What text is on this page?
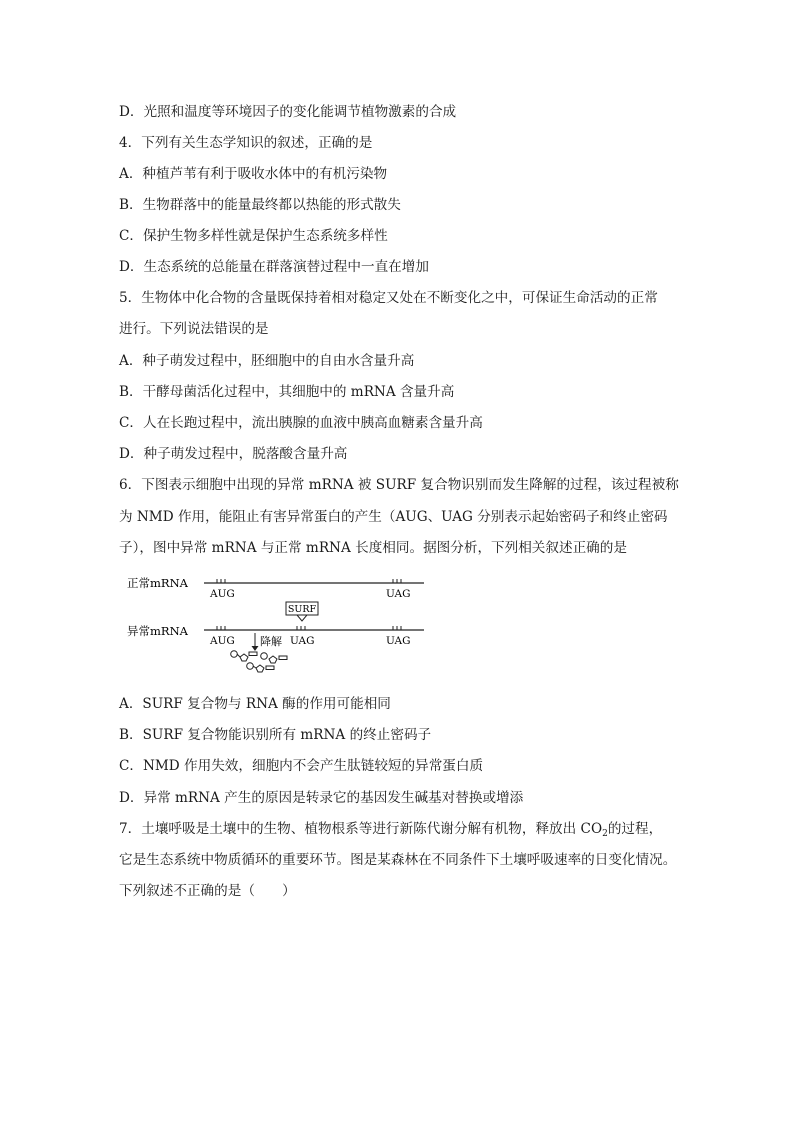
D．光照和温度等环境因子的变化能调节植物激素的合成
4．下列有关生态学知识的叙述，正确的是
A．种植芦苇有利于吸收水体中的有机污染物
B．生物群落中的能量最终都以热能的形式散失
C．保护生物多样性就是保护生态系统多样性
D．生态系统的总能量在群落演替过程中一直在增加
5．生物体中化合物的含量既保持着相对稳定又处在不断变化之中，可保证生命活动的正常
进行。下列说法错误的是
A．种子萌发过程中，胚细胞中的自由水含量升高
B．干酵母菌活化过程中，其细胞中的 mRNA 含量升高
C．人在长跑过程中，流出胰腺的血液中胰高血糖素含量升高
D．种子萌发过程中，脱落酸含量升高
6．下图表示细胞中出现的异常 mRNA 被 SURF 复合物识别而发生降解的过程，该过程被称
为 NMD 作用，能阻止有害异常蛋白的产生（AUG、UAG 分别表示起始密码子和终止密码
子），图中异常 mRNA 与正常 mRNA 长度相同。据图分析，下列相关叙述正确的是
正常mRNA
AUG	UAG
SURF
异常mRNA
AUG	UAG	UAG
降解
A．SURF 复合物与 RNA 酶的作用可能相同
B．SURF 复合物能识别所有 mRNA 的终止密码子
C．NMD 作用失效，细胞内不会产生肽链较短的异常蛋白质
D．异常 mRNA 产生的原因是转录它的基因发生碱基对替换或增添
7．土壤呼吸是土壤中的生物、植物根系等进行新陈代谢分解有机物，释放出 $CO_2$的过程，
它是生态系统中物质循环的重要环节。图是某森林在不同条件下土壤呼吸速率的日变化情况。
下列叙述不正确的是（　　）
